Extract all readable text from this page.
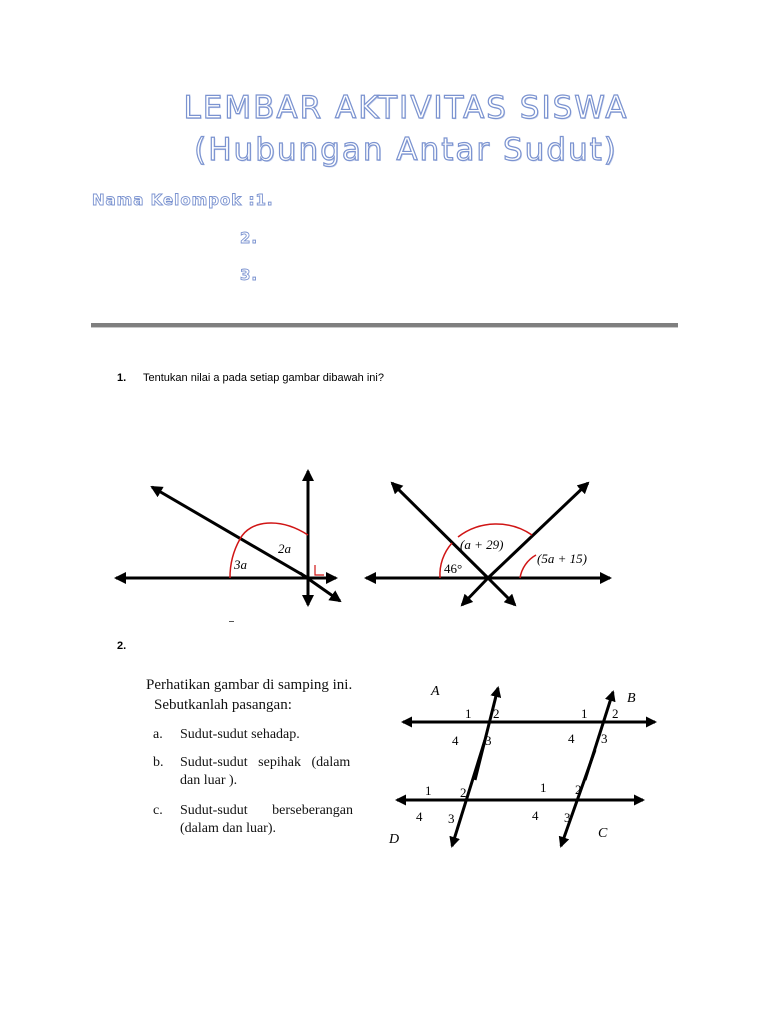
LEMBAR AKTIVITAS SISWA
(Hubungan Antar Sudut)
Nama Kelompok :1.
2.
3.
1. Tentukan nilai a pada setiap gambar dibawah ini?
2a
3a
(a + 29)
(5a + 15)
46°
2.
Perhatikan gambar di samping ini.
Sebutkanlah pasangan:
a. Sudut-sudut sehadap.
b. Sudut-sudut   sepihak   (dalam
dan luar ).
c. Sudut-sudut       berseberangan
(dalam dan luar).
A	B
D	C
1 2
4 3
1 2
4 3
1 2
4 3
1 2
4 3
